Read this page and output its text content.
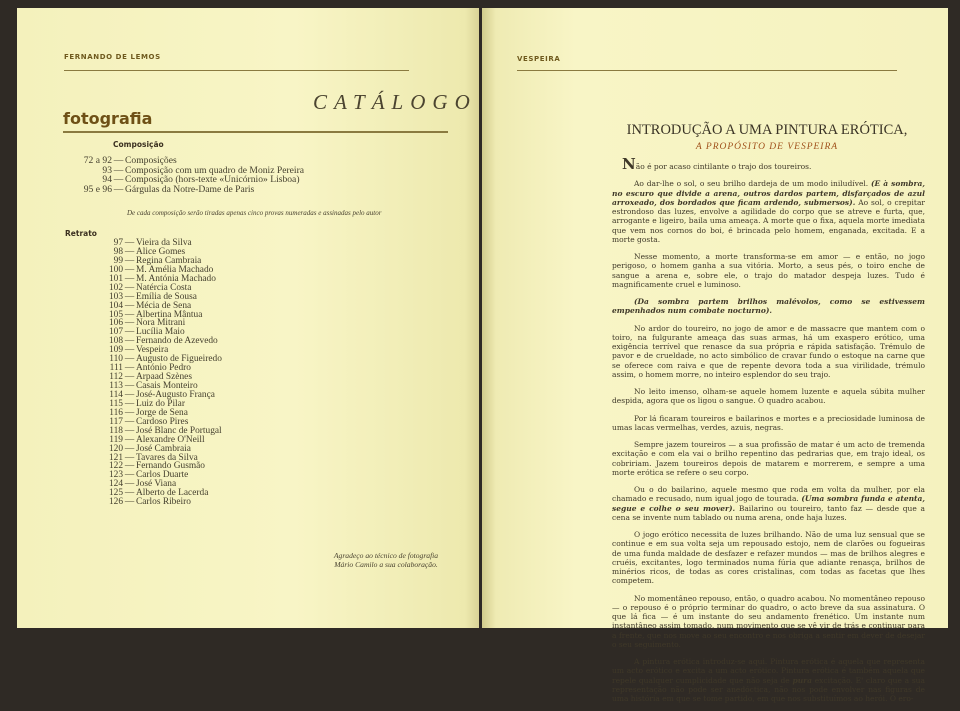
FERNANDO DE LEMOS
CATÁLOGO
fotografia
Composição
72 a 92 — Composições
93 — Composição com um quadro de Moniz Pereira
94 — Composição (hors-texte «Unicórnio» Lisboa)
95 e 96 — Gárgulas da Notre-Dame de Paris
De cada composição serão tiradas apenas cinco provas numeradas e assinadas pelo autor
Retrato
97 — Vieira da Silva
98 — Alice Gomes
99 — Regina Cambraia
100 — M. Amélia Machado
101 — M. Antónia Machado
102 — Natércia Costa
103 — Emília de Sousa
104 — Mécia de Sena
105 — Albertina Mântua
106 — Nora Mitrani
107 — Lucília Maio
108 — Fernando de Azevedo
109 — Vespeira
110 — Augusto de Figueiredo
111 — António Pedro
112 — Arpaad Szènes
113 — Casais Monteiro
114 — José-Augusto França
115 — Luiz do Pilar
116 — Jorge de Sena
117 — Cardoso Pires
118 — José Blanc de Portugal
119 — Alexandre O'Neill
120 — José Cambraia
121 — Tavares da Silva
122 — Fernando Gusmão
123 — Carlos Duarte
124 — José Viana
125 — Alberto de Lacerda
126 — Carlos Ribeiro
Agradeço ao técnico de fotografia
Mário Camilo a sua colaboração.
VESPEIRA
INTRODUÇÃO A UMA PINTURA ERÓTICA,
A PROPÓSITO DE VESPEIRA

Não é por acaso cintilante o trajo dos toureiros.

Ao dar-lhe o sol, o seu brilho dardeja de um modo iniludível. (E à sombra, no escuro que divide a arena, outros dardos partem, disfarçados de azul arroxeado, dos bordados que ficam ardendo, submersos). Ao sol, o crepitar estrondoso das luzes, envolve a agilidade do corpo que se atreve e furta, que, arrogante e ligeiro, baila uma ameaça. A morte que o fixa, aquela morte imediata que vem nos cornos do boi, é brincada pelo homem, enganada, excitada. E a morte gosta.

Nesse momento, a morte transforma-se em amor — e então, no jogo perigoso, o homem ganha a sua vitória. Morto, a seus pés, o toiro enche de sangue a arena e, sobre ele, o trajo do matador despeja luzes. Tudo é magnificamente cruel e luminoso.

(Da sombra partem brilhos malévolos, como se estivessem empenhados num combate nocturno).

No ardor do toureiro, no jogo de amor e de massacre que mantem com o toiro, na fulgurante ameaça das suas armas, há um exaspero erótico, uma exigência terrível que renasce da sua própria e rápida satisfação. Trémulo de pavor e de crueldade, no acto simbólico de cravar fundo o estoque na carne que se oferece com raiva e que de repente devora toda a sua virilidade, trémulo assim, o homem morre, no inteiro esplendor do seu trajo.

No leito imenso, olham-se aquele homem luzente e aquela súbita mulher despida, agora que os ligou o sangue. O quadro acabou.

Por lá ficaram toureiros e bailarinos e mortes e a preciosidade luminosa de umas lacas vermelhas, verdes, azuis, negras.

Sempre jazem toureiros — a sua profissão de matar é um acto de tremenda excitação e com ela vai o brilho repentino das pedrarias que, em trajo ideal, os cobririam. Jazem toureiros depois de matarem e morrerem, e sempre a uma morte erótica se refere o seu corpo.

Ou o do bailarino, aquele mesmo que roda em volta da mulher, por ela chamado e recusado, num igual jogo de tourada. (Uma sombra funda e atenta, segue e colhe o seu mover). Bailarino ou toureiro, tanto faz — desde que a cena se invente num tablado ou numa arena, onde haja luzes.

O jogo erótico necessita de luzes brilhando. Não de uma luz sensual que se continue e em sua volta seja um repousado estojo, nem de clarões ou fogueiras de uma funda maldade de desfazer e refazer mundos — mas de brilhos alegres e cruéis, excitantes, logo terminados numa fúria que adiante renasça, brilhos de minérios ricos, de todas as cores cristalinas, com todas as facetas que lhes competem.

No momentâneo repouso, então, o quadro acabou. No momentâneo repouso — o repouso é o próprio terminar do quadro, o acto breve da sua assinatura. O que lá fica — é um instante do seu andamento frenético. Um instante num instantâneo assim tomado, num movimento que se vê vir de trás e continuar para a frente, que nos move ao seu encontro e nos obriga a sentir em dever de desejar o seu seguimento.

A pintura erótica introduz-se aqui. Pintura erótica é aquela que representa um acto erótico e excita a um acto erótico. Pintura erótica é também aquela que repele qualquer cumplicidade que não seja de pura excitação. E' claro que a sua representação não pode ser anedóctica, não nos pode envolver nas figuras de uma história em que se tome partido, em que nos substituímos ao herói. O ero-
